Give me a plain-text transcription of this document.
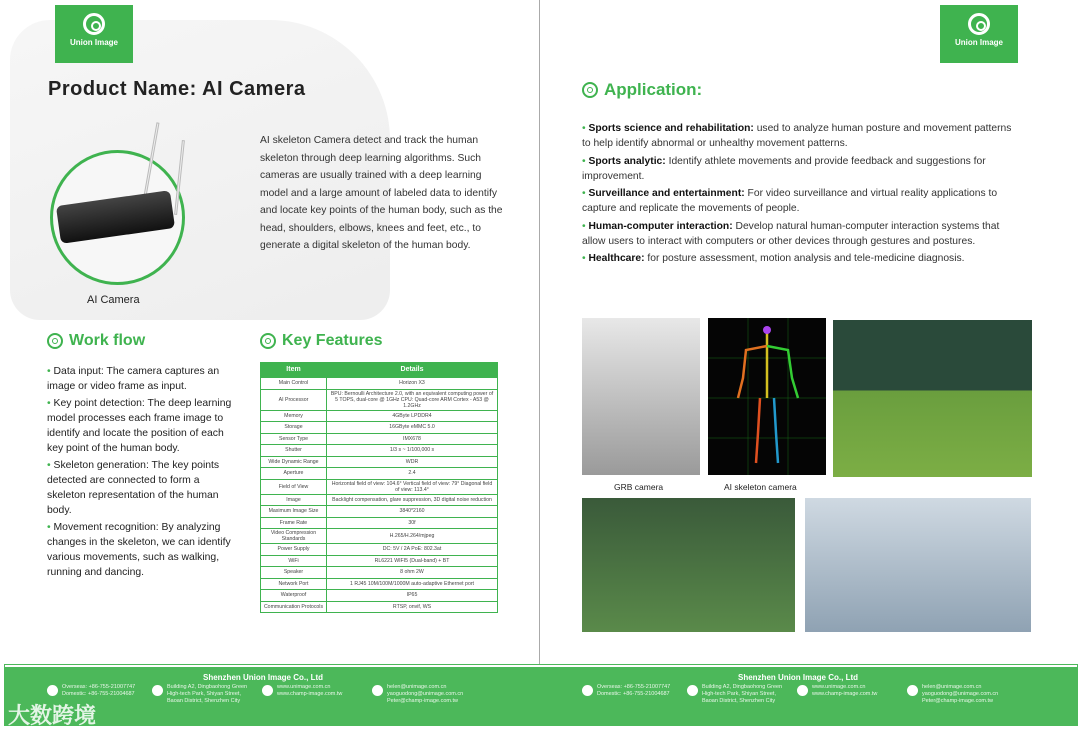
Union Image
Product Name: AI Camera
AI Camera
AI skeleton Camera detect and track the human skeleton through deep learning algorithms. Such cameras are usually trained with a deep learning model and a large amount of labeled data to identify and locate key points of the human body, such as the head, shoulders, elbows, knees and feet, etc., to generate a digital skeleton of the human body.
Work flow

• Data input: The camera captures an image or video frame as input.

• Key point detection: The deep learning model processes each frame image to identify and locate the position of each key point of the human body.

• Skeleton generation: The key points detected are connected to form a skeleton representation of the human body.

• Movement recognition: By analyzing changes in the skeleton, we can identify various movements, such as walking, running and dancing.

Key Features
Item	Details
Main Control	Horizon X3
AI Processor	BPU: Bernoulli Architecture 2.0, with an equivalent computing power of 5 TOPS, dual-core @ 1GHz CPU: Quad-core ARM Cortex - A53 @ 1.2GHz
Memory	4GByte LPDDR4
Storage	16GByte eMMC 5.0
Sensor Type	IMX678
Shutter	1/3 s ~ 1/100,000 s
Wide Dynamic Range	WDR
Aperture	2.4
Field of View	Horizontal field of view: 104.6° Vertical field of view: 79° Diagonal field of view: 113.4°
Image	Backlight compensation, glare suppression, 3D digital noise reduction
Maximum Image Size	3840*2160
Frame Rate	30f
Video Compression Standards	H.265/H.264/mjpeg
Power Supply	DC: 5V / 2A PoE: 802.3at
WiFi	RL6221 WIFI5 (Dual-band) + BT
Speaker	8 ohm 2W
Network Port	1 RJ45 10M/100M/1000M auto-adaptive Ethernet port
Waterproof	IP65
Communication Protocols	RTSP, onvif, WS
Union Image
Application:

• Sports science and rehabilitation: used to analyze human posture and movement patterns to help identify abnormal or unhealthy movement patterns.

• Sports analytic: Identify athlete movements and provide feedback and suggestions for improvement.

• Surveillance and entertainment: For video surveillance and virtual reality applications to capture and replicate the movements of people.

• Human-computer interaction: Develop natural human-computer interaction systems that allow users to interact with computers or other devices through gestures and postures.

• Healthcare: for posture assessment, motion analysis and tele-medicine diagnosis.

GRB camera	AI skeleton camera
Shenzhen Union Image Co., Ltd	Shenzhen Union Image Co., Ltd
Overseas: +86-755-21007747
Domestic: +86-755-21004687
Building A2, Dingbaohong Green
High-tech Park, Shiyan Street,
Baoan District, Shenzhen City
www.unimage.com.cn
www.champ-image.com.tw
helen@unimage.com.cn
yaoguodong@unimage.com.cn
Peter@champ-image.com.tw
Overseas: +86-755-21007747
Domestic: +86-755-21004687
Building A2, Dingbaohong Green
High-tech Park, Shiyan Street,
Baoan District, Shenzhen City
www.unimage.com.cn
www.champ-image.com.tw
helen@unimage.com.cn
yaoguodong@unimage.com.cn
Peter@champ-image.com.tw
大数跨境
